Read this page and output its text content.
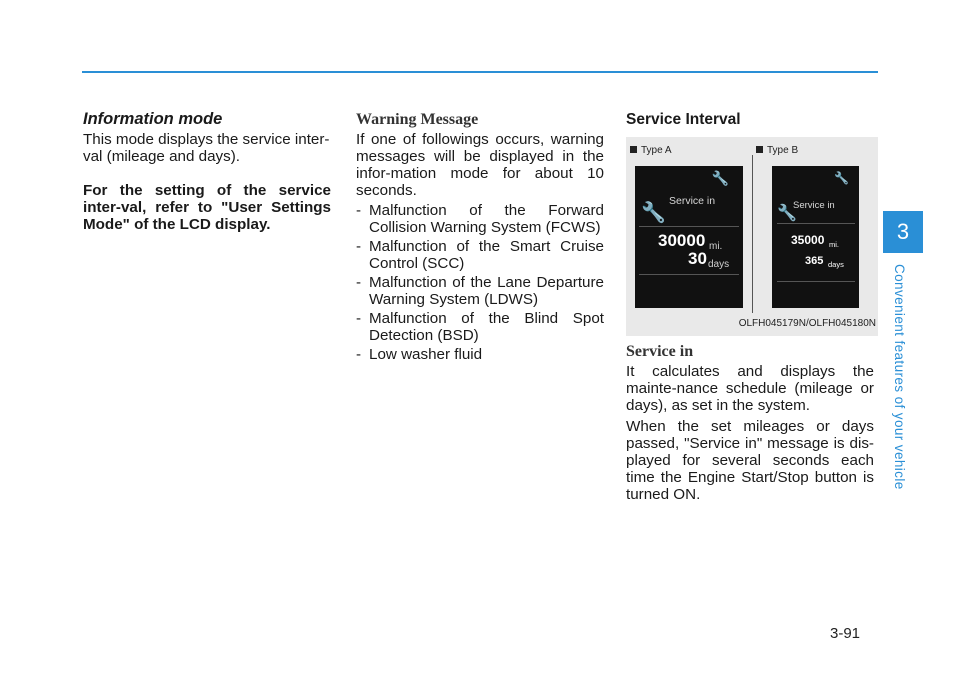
Information mode

This mode displays the service inter-val (mileage and days).

For the setting of the service inter-val, refer to "User Settings Mode" of the LCD display.

Warning Message

If one of followings occurs, warning messages will be displayed in the infor-mation mode for about 10 seconds.

- Malfunction of the Forward Collision Warning System (FCWS)
- Malfunction of the Smart Cruise Control (SCC)
- Malfunction of the Lane Departure Warning System (LDWS)
- Malfunction of the Blind Spot Detection (BSD)
- Low washer fluid

Service Interval

Type A	Type B
🔧
Service in
🔧
30000 mi.
30 days
🔧
Service in
🔧
35000 mi.
365 days
OLFH045179N/OLFH045180N

Service in

It calculates and displays the mainte-nance schedule (mileage or days), as set in the system.

When the set mileages or days passed, "Service in" message is dis-played for several seconds each time the Engine Start/Stop button is turned ON.

3
Convenient features of your vehicle
3-91
